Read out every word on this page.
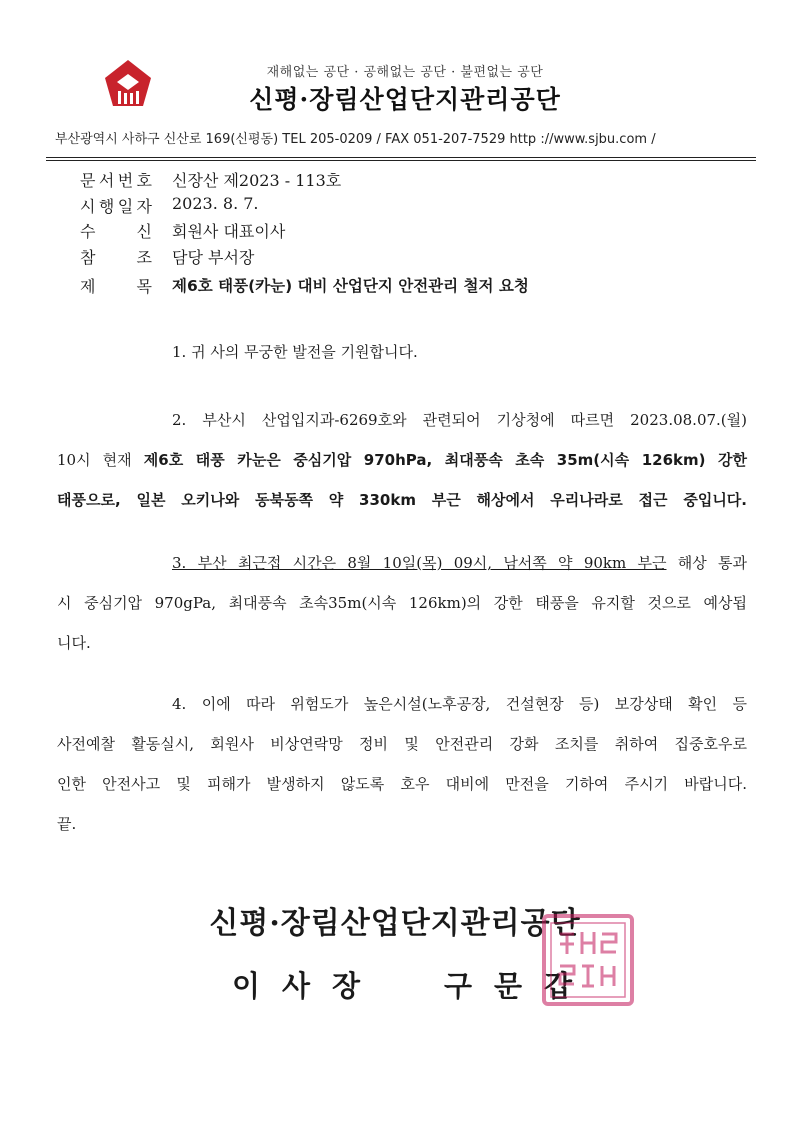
재해없는 공단 · 공해없는 공단 · 불편없는 공단
신평·장림산업단지관리공단
부산광역시 사하구 신산로 169(신평동) TEL 205-0209 / FAX 051-207-7529 http ://www.sjbu.com /
문 서 번 호 신장산 제2023 - 113호
시 행 일 자 2023. 8. 7.
수	신 회원사 대표이사
참	조 담당 부서장
제	목 제6호 태풍(카눈) 대비 산업단지 안전관리 철저 요청
1. 귀 사의 무궁한 발전을 기원합니다.
2. 부산시 산업입지과-6269호와 관련되어 기상청에 따르면 2023.08.07.(월)
10시 현재 제6호 태풍 카눈은 중심기압 970hPa, 최대풍속 초속 35m(시속 126km) 강한
태풍으로, 일본 오키나와 동북동쪽 약 330km 부근 해상에서 우리나라로 접근 중입니다.
3. 부산 최근접 시간은 8월 10일(목) 09시, 남서쪽 약 90km 부근 해상 통과
시 중심기압 970gPa, 최대풍속 초속35m(시속 126km)의 강한 태풍을 유지할 것으로 예상됩
니다.
4. 이에 따라 위험도가 높은시설(노후공장, 건설현장 등) 보강상태 확인 등
사전예찰 활동실시, 회원사 비상연락망 정비 및 안전관리 강화 조치를 취하여 집중호우로
인한 안전사고 및 피해가 발생하지 않도록 호우 대비에 만전을 기하여 주시기 바랍니다.
끝.
신평·장림산업단지관리공단
이 사 장	구 문 갑
